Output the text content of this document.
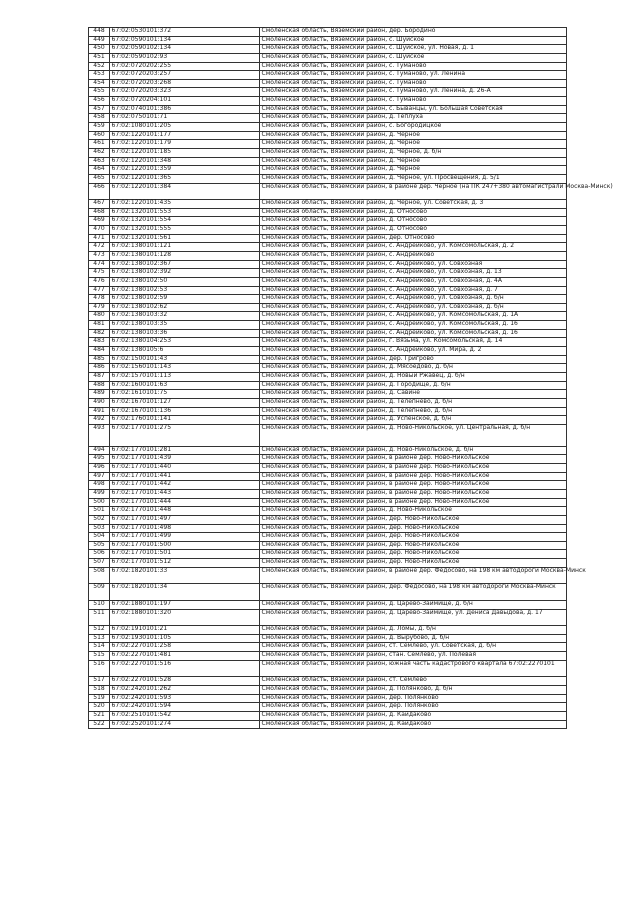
448	67:02:0530101:372	Смоленская область, Вяземский район, дер. Бородино
449	67:02:0590101:134	Смоленская область, Вяземский район, с. Шуйское
450	67:02:0590102:134	Смоленская область, Вяземский район, с. Шуйское, ул. Новая, д. 1
451	67:02:0590102:93	Смоленская область, Вяземский район, с. Шуйское
452	67:02:0720202:255	Смоленская область, Вяземский район, с. Туманово
453	67:02:0720203:257	Смоленская область, Вяземский район, с. Туманово, ул. Ленина
454	67:02:0720203:268	Смоленская область, Вяземский район, с. Туманово
455	67:02:0720203:323	Смоленская область, Вяземский район, с. Туманово, ул. Ленина, д. 26-А
456	67:02:0720204:101	Смоленская область, Вяземский район, с. Туманово
457	67:02:0740101:386	Смоленская область, Вяземский район, с. Быванцы, ул. Большая Советская
458	67:02:0750101:71	Смоленская область, Вяземский район, д. Теплуха
459	67:02:1080101:205	Смоленская область, Вяземский район, с. Богородицкое
460	67:02:1220101:177	Смоленская область, Вяземский район, д. Черное
461	67:02:1220101:179	Смоленская область, Вяземский район, д. Черное
462	67:02:1220101:185	Смоленская область, Вяземский район, д. Черное, д. б/н
463	67:02:1220101:348	Смоленская область, Вяземский район, д. Черное
464	67:02:1220101:359	Смоленская область, Вяземский район, д. Черное
465	67:02:1220101:365	Смоленская область, Вяземский район, д. Черное, ул. Просвещения, д. 5/1
466	67:02:1220101:384	Смоленская область, Вяземский район, в районе дер. Черное (на ПК 247+380 автомагистрали Москва-Минск)
467	67:02:1220101:435	Смоленская область, Вяземский район, д. Черное, ул. Советская, д. 3
468	67:02:1320101:553	Смоленская область, Вяземский район, д. Относово
469	67:02:1320101:554	Смоленская область, Вяземский район, д. Относово
470	67:02:1320101:555	Смоленская область, Вяземский район, д. Относово
471	67:02:1320101:561	Смоленская область, Вяземский район, дер. Относово
472	67:02:1380101:121	Смоленская область, Вяземский район, с. Андрейково, ул. Комсомольская, д. 2
473	67:02:1380101:128	Смоленская область, Вяземский район, с. Андрейково
474	67:02:1380102:367	Смоленская область, Вяземский район, с. Андрейково, ул. Совхозная
475	67:02:1380102:392	Смоленская область, Вяземский район, с. Андрейково, ул. Совхозная, д. 13
476	67:02:1380102:50	Смоленская область, Вяземский район, с. Андрейково, ул. Совхозная, д. 4А
477	67:02:1380102:53	Смоленская область, Вяземский район, с. Андрейково, ул. Совхозная, д. 7
478	67:02:1380102:59	Смоленская область, Вяземский район, с. Андрейково, ул. Совхозная, д. б/н
479	67:02:1380102:62	Смоленская область, Вяземский район, с. Андрейково, ул. Совхозная, д. б/н
480	67:02:1380103:32	Смоленская область, Вяземский район, с. Андрейково, ул. Комсомольская, д. 1А
481	67:02:1380103:35	Смоленская область, Вяземский район, с. Андрейково, ул. Комсомольская, д. 16
482	67:02:1380103:36	Смоленская область, Вяземский район, с. Андрейково, ул. Комсомольская, д. 16
483	67:02:1380104:253	Смоленская область, Вяземский район, г. Вязьма, ул. Комсомольская, д. 14
484	67:02:1380105:6	Смоленская область, Вяземский район, с. Андрейково, ул. Мира, д. 2
485	67:02:1500101:43	Смоленская область, Вяземский район, дер. Григрово
486	67:02:1560101:143	Смоленская область, Вяземский район, д. Мясоедово, д. б/н
487	67:02:1570101:113	Смоленская область, Вяземский район, д. Новый Ржавец, д. б/н
488	67:02:1600101:63	Смоленская область, Вяземский район, д. Городище, д. б/н
489	67:02:1610101:75	Смоленская область, Вяземский район, д. Савине
490	67:02:1670101:127	Смоленская область, Вяземский район, д. Телепнево, д. б/н
491	67:02:1670101:136	Смоленская область, Вяземский район, д. Телепнево, д. б/н
492	67:02:1760101:141	Смоленская область, Вяземский район, д. Успенское, д. б/н
493	67:02:1770101:275	Смоленская область, Вяземский район, д. Ново-Никольское, ул. Центральная, д. б/н
494	67:02:1770101:281	Смоленская область, Вяземский район, д. Ново-Никольское, д. б/н
495	67:02:1770101:439	Смоленская область, Вяземский район, в районе дер. Ново-Никольское
496	67:02:1770101:440	Смоленская область, Вяземский район, в районе дер. Ново-Никольское
497	67:02:1770101:441	Смоленская область, Вяземский район, в районе дер. Ново-Никольское
498	67:02:1770101:442	Смоленская область, Вяземский район, в районе дер. Ново-Никольское
499	67:02:1770101:443	Смоленская область, Вяземский район, в районе дер. Ново-Никольское
500	67:02:1770101:444	Смоленская область, Вяземский район, в районе дер. Ново-Никольское
501	67:02:1770101:448	Смоленская область, Вяземский район, д. Ново-Никольское
502	67:02:1770101:497	Смоленская область, Вяземский район, дер. Ново-Никольское
503	67:02:1770101:498	Смоленская область, Вяземский район, дер. Ново-Никольское
504	67:02:1770101:499	Смоленская область, Вяземский район, дер. Ново-Никольское
505	67:02:1770101:500	Смоленская область, Вяземский район, дер. Ново-Никольское
506	67:02:1770101:501	Смоленская область, Вяземский район, дер. Ново-Никольское
507	67:02:1770101:512	Смоленская область, Вяземский район, дер. Ново-Никольское
508	67:02:1820101:33	Смоленская область, Вяземский район, в районе дер. Федосово, на 198 км автодороги Москва-Минск
509	67:02:1820101:34	Смоленская область, Вяземский район, дер. Федосово, на 198 км автодороги Москва-Минск
510	67:02:1880101:197	Смоленская область, Вяземский район, д. Царево-Займище, д. б/н
511	67:02:1880101:320	Смоленская область, Вяземский район, д. Царево-Займище, ул. Дениса Давыдова, д. 17
512	67:02:1910101:21	Смоленская область, Вяземский район, д. Ломы, д. б/н
513	67:02:1930101:105	Смоленская область, Вяземский район, д. Вырубово, д. б/н
514	67:02:2270101:258	Смоленская область, Вяземский район, ст. Семлево, ул. Советская, д. б/н
515	67:02:2270101:481	Смоленская область, Вяземский район, стан. Семлево, ул. Полевая
516	67:02:2270101:516	Смоленская область, Вяземский район, южная часть кадастрового квартала 67:02:2270101
517	67:02:2270101:528	Смоленская область, Вяземский район, ст. Семлево
518	67:02:2420101:262	Смоленская область, Вяземский район, д. Полянково, д. б/н
519	67:02:2420101:593	Смоленская область, Вяземский район, дер. Полянково
520	67:02:2420101:594	Смоленская область, Вяземский район, дер. Полянково
521	67:02:2510101:542	Смоленская область, Вяземский район, д. Кайдаково
522	67:02:2520101:274	Смоленская область, Вяземский район, д. Кайдаково
